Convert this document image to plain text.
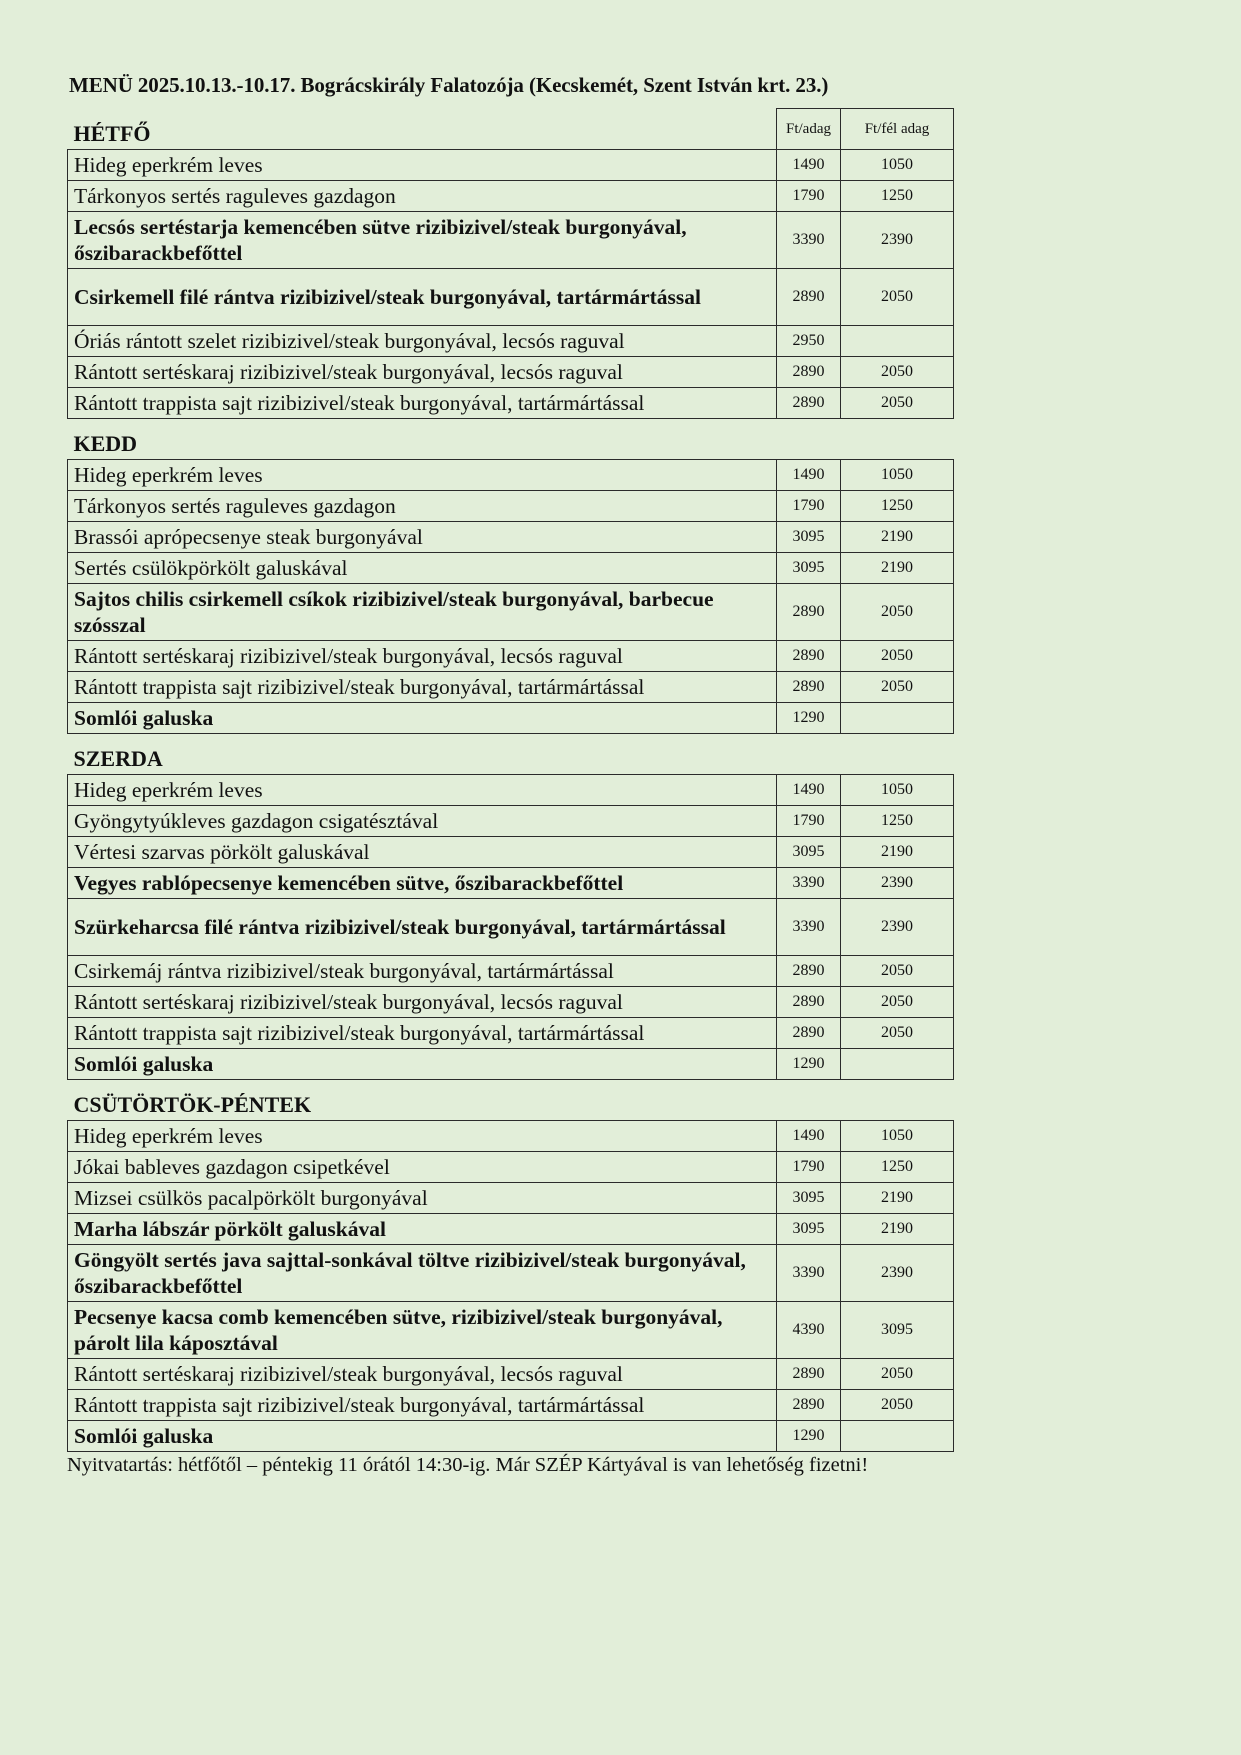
MENÜ 2025.10.13.-10.17. Bográcskirály Falatozója (Kecskemét, Szent István krt. 23.)
HÉTFŐ	Ft/adag	Ft/fél adag
Hideg eperkrém leves	1490	1050
Tárkonyos sertés raguleves gazdagon	1790	1250
Lecsós sertéstarja kemencében sütve rizibizivel/steak burgonyával, őszibarackbefőttel	3390	2390
Csirkemell filé rántva rizibizivel/steak burgonyával, tartármártással	2890	2050
Óriás rántott szelet rizibizivel/steak burgonyával, lecsós raguval	2950	
Rántott sertéskaraj rizibizivel/steak burgonyával, lecsós raguval	2890	2050
Rántott trappista sajt rizibizivel/steak burgonyával, tartármártással	2890	2050
KEDD		
Hideg eperkrém leves	1490	1050
Tárkonyos sertés raguleves gazdagon	1790	1250
Brassói aprópecsenye steak burgonyával	3095	2190
Sertés csülökpörkölt galuskával	3095	2190
Sajtos chilis csirkemell csíkok rizibizivel/steak burgonyával, barbecue szósszal	2890	2050
Rántott sertéskaraj rizibizivel/steak burgonyával, lecsós raguval	2890	2050
Rántott trappista sajt rizibizivel/steak burgonyával, tartármártással	2890	2050
Somlói galuska	1290	
SZERDA		
Hideg eperkrém leves	1490	1050
Gyöngytyúkleves gazdagon csigatésztával	1790	1250
Vértesi szarvas pörkölt galuskával	3095	2190
Vegyes rablópecsenye kemencében sütve, őszibarackbefőttel	3390	2390
Szürkeharcsa filé rántva rizibizivel/steak burgonyával, tartármártással	3390	2390
Csirkemáj rántva rizibizivel/steak burgonyával, tartármártással	2890	2050
Rántott sertéskaraj rizibizivel/steak burgonyával, lecsós raguval	2890	2050
Rántott trappista sajt rizibizivel/steak burgonyával, tartármártással	2890	2050
Somlói galuska	1290	
CSÜTÖRTÖK-PÉNTEK		
Hideg eperkrém leves	1490	1050
Jókai bableves gazdagon csipetkével	1790	1250
Mizsei csülkös pacalpörkölt burgonyával	3095	2190
Marha lábszár pörkölt galuskával	3095	2190
Göngyölt sertés java sajttal-sonkával töltve rizibizivel/steak burgonyával, őszibarackbefőttel	3390	2390
Pecsenye kacsa comb kemencében sütve, rizibizivel/steak burgonyával, párolt lila káposztával	4390	3095
Rántott sertéskaraj rizibizivel/steak burgonyával, lecsós raguval	2890	2050
Rántott trappista sajt rizibizivel/steak burgonyával, tartármártással	2890	2050
Somlói galuska	1290	
Nyitvatartás: hétfőtől – péntekig 11 órától 14:30-ig. Már SZÉP Kártyával is van lehetőség fizetni!
